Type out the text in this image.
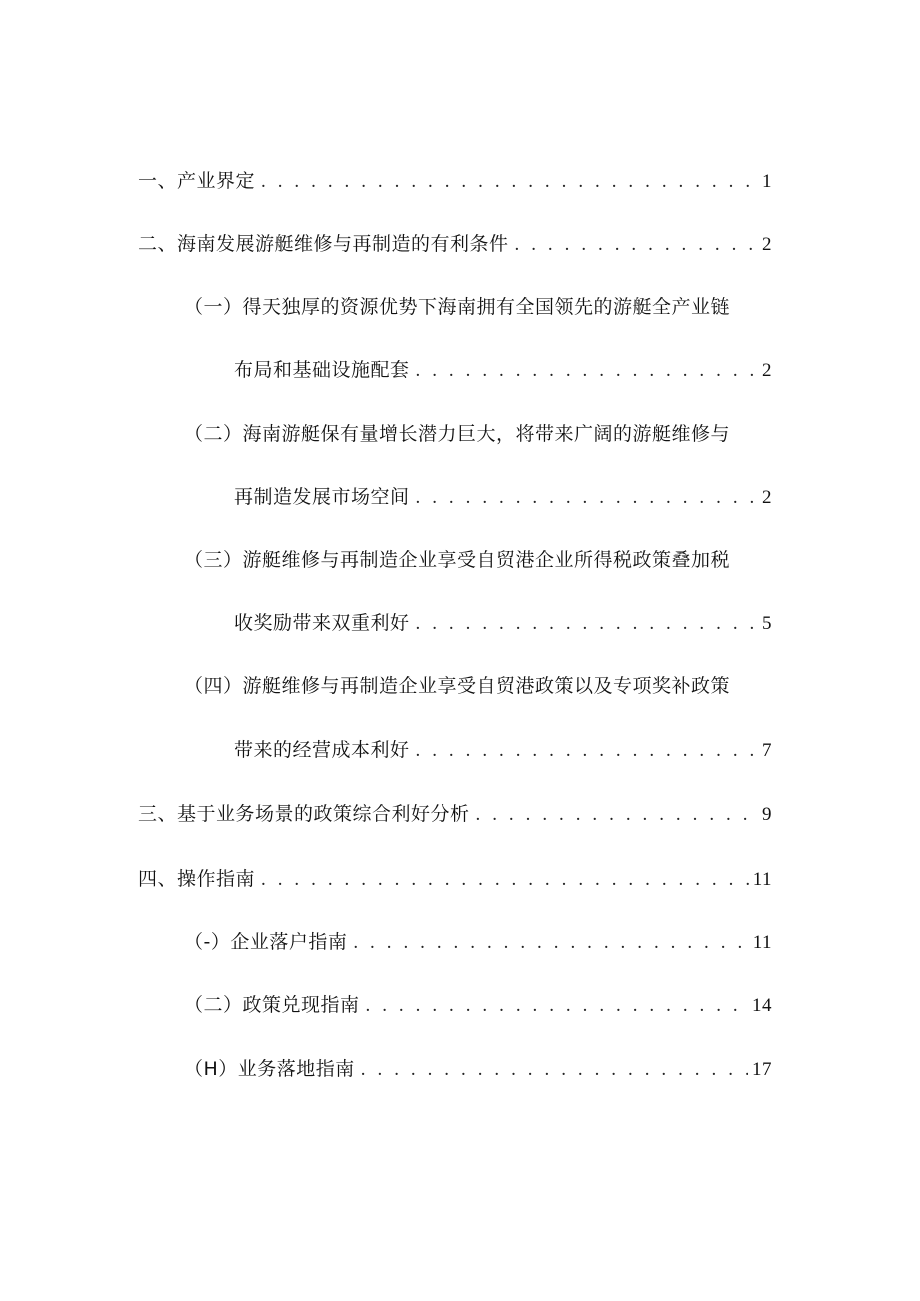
一、产业界定 . . .	1
二、海南发展游艇维修与再制造的有利条件 . . .	2
（一）得天独厚的资源优势下海南拥有全国领先的游艇全产业链
布局和基础设施配套 . . .	2
（二）海南游艇保有量增长潜力巨大，将带来广阔的游艇维修与
再制造发展市场空间 . . .	2
（三）游艇维修与再制造企业享受自贸港企业所得税政策叠加税
收奖励带来双重利好 . . .	5
（四）游艇维修与再制造企业享受自贸港政策以及专项奖补政策
带来的经营成本利好 . . .	7
三、基于业务场景的政策综合利好分析 . . .	9
四、操作指南 . . .	11
（-）企业落户指南 . . .	11
（二）政策兑现指南 . . .	14
（H）业务落地指南 . . .	17
